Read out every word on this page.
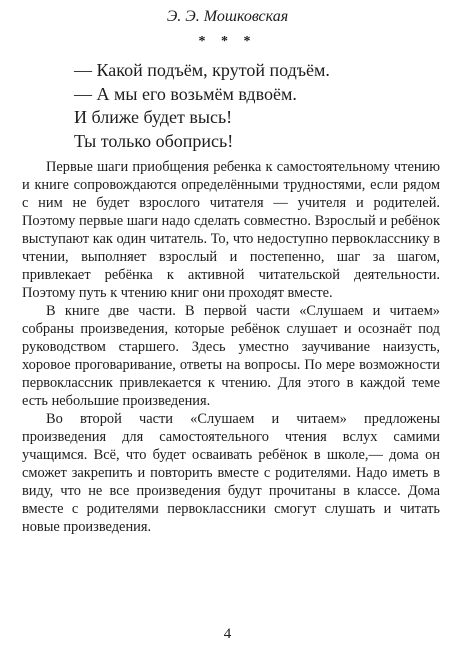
Э. Э. Мошковская
* * *
— Какой подъём, крутой подъём.
— А мы его возьмём вдвоём.
И ближе будет высь!
Ты только обопрись!

Первые шаги приобщения ребенка к самостоятельному чтению и книге сопровождаются определёнными трудностями, если рядом с ним не будет взрослого читателя — учителя и родителей. Поэтому первые шаги надо сделать совместно. Взрослый и ребёнок выступают как один читатель. То, что недоступно первокласснику в чтении, выполняет взрослый и постепенно, шаг за шагом, привлекает ребёнка к активной читательской деятельности. Поэтому путь к чтению книг они проходят вместе.

В книге две части. В первой части «Слушаем и читаем» собраны произведения, которые ребёнок слушает и осознаёт под руководством старшего. Здесь уместно заучивание наизусть, хоровое проговаривание, ответы на вопросы. По мере возможности первоклассник привлекается к чтению. Для этого в каждой теме есть небольшие произведения.

Во второй части «Слушаем и читаем» предложены произведения для самостоятельного чтения вслух самими учащимся. Всё, что будет осваивать ребёнок в школе,— дома он сможет закрепить и повторить вместе с родителями. Надо иметь в виду, что не все произведения будут прочитаны в классе. Дома вместе с родителями первоклассники смогут слушать и читать новые произведения.

4
